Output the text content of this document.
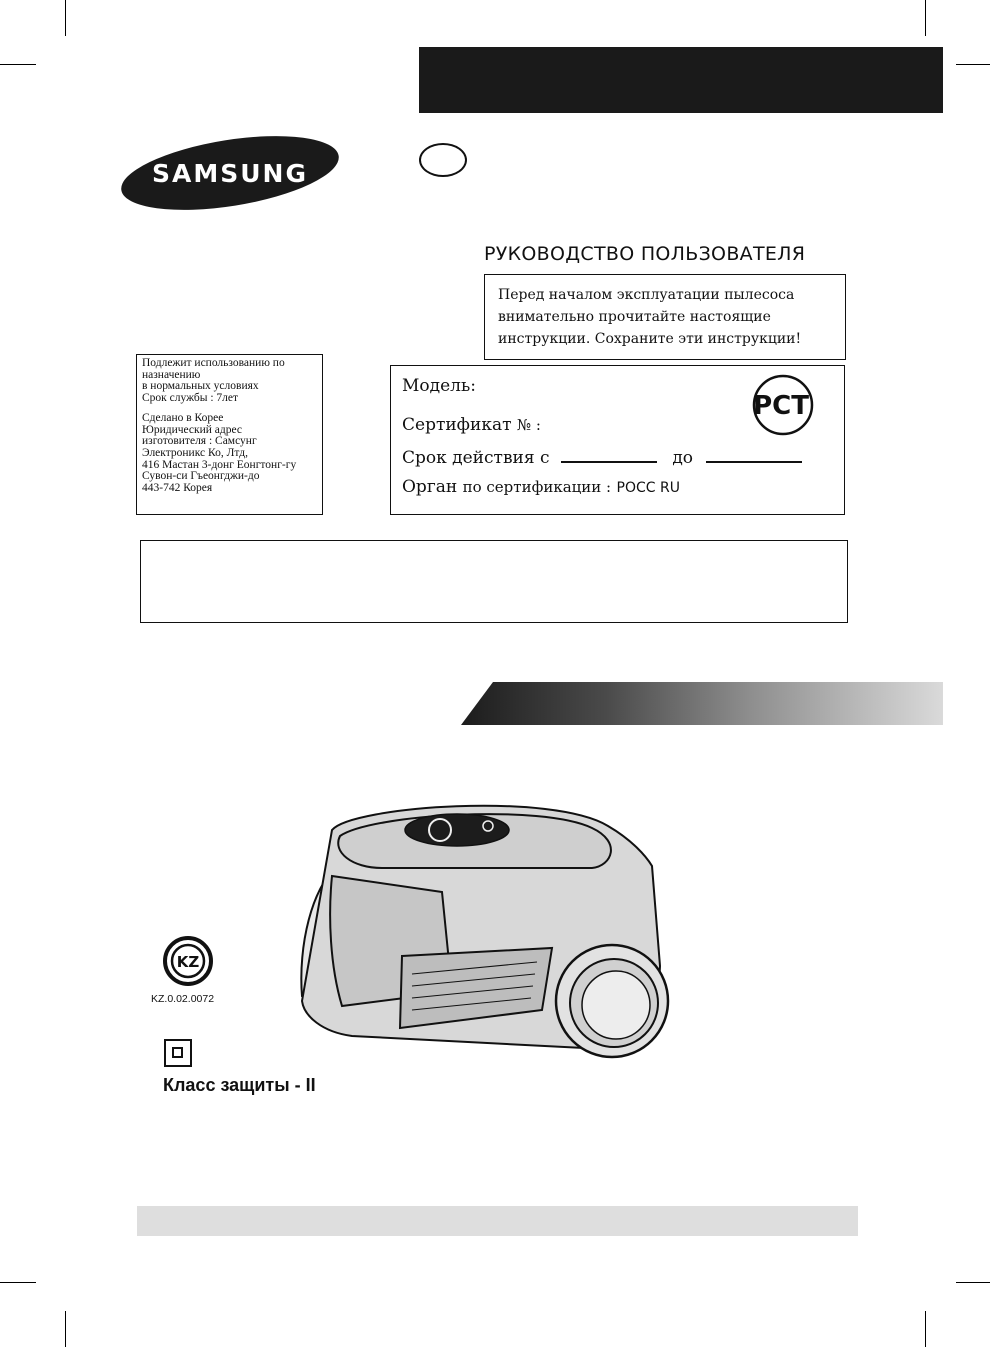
SAMSUNG
РУКОВОДСТВО ПОЛЬЗОВАТЕЛЯ
Перед началом эксплуатации пылесоса
внимательно прочитайте настоящие
инструкции. Сохраните эти инструкции!
Подлежит использованию по
назначению
в нормальных условиях
Срок службы : 7лет
Сделано в Корее
Юридический адрес
изготовителя : Самсунг
Электроникс Ко, Лтд,
416 Мастан 3-донг Еонгтонг-гу
Сувон-си Гъеонгджи-до
443-742 Корея
Модель:
Сертификат № :
Срок действия с	до
Орган по сертификации : POCC RU
PCT
KZ
KZ.0.02.0072
Класс защиты - II
